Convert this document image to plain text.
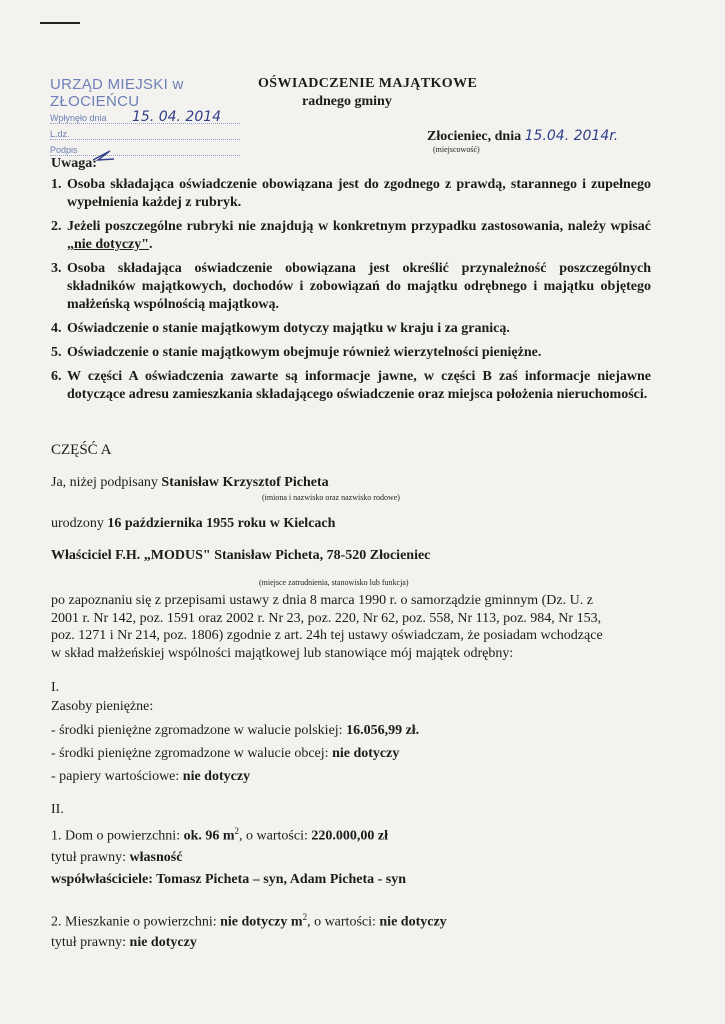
URZĄD MIEJSKI w ZŁOCIEŃCU
Wpłynęło dnia 15. 04. 2014
L.dz.
Podpis
OŚWIADCZENIE MAJĄTKOWE
radnego gminy
Złocieniec, dnia 15.04. 2014r.
(miejscowość)
Uwaga:
1. Osoba składająca oświadczenie obowiązana jest do zgodnego z prawdą, starannego i zupełnego wypełnienia każdej z rubryk.
2. Jeżeli poszczególne rubryki nie znajdują w konkretnym przypadku zastosowania, należy wpisać „nie dotyczy".
3. Osoba składająca oświadczenie obowiązana jest określić przynależność poszczególnych składników majątkowych, dochodów i zobowiązań do majątku odrębnego i majątku objętego małżeńską wspólnością majątkową.
4. Oświadczenie o stanie majątkowym dotyczy majątku w kraju i za granicą.
5. Oświadczenie o stanie majątkowym obejmuje również wierzytelności pieniężne.
6. W części A oświadczenia zawarte są informacje jawne, w części B zaś informacje niejawne dotyczące adresu zamieszkania składającego oświadczenie oraz miejsca położenia nieruchomości.
CZĘŚĆ A
Ja, niżej podpisany Stanisław Krzysztof Picheta
(imiona i nazwisko oraz nazwisko rodowe)
urodzony 16 października 1955 roku w Kielcach
Właściciel F.H. „MODUS" Stanisław Picheta, 78-520 Złocieniec
(miejsce zatrudnienia, stanowisko lub funkcja)
po zapoznaniu się z przepisami ustawy z dnia 8 marca 1990 r. o samorządzie gminnym (Dz. U. z
2001 r. Nr 142, poz. 1591 oraz 2002 r. Nr 23, poz. 220, Nr 62, poz. 558, Nr 113, poz. 984, Nr 153,
poz. 1271 i Nr 214, poz. 1806) zgodnie z art. 24h tej ustawy oświadczam, że posiadam wchodzące
w skład małżeńskiej wspólności majątkowej lub stanowiące mój majątek odrębny:
I.
Zasoby pieniężne:
- środki pieniężne zgromadzone w walucie polskiej: 16.056,99 zł.
- środki pieniężne zgromadzone w walucie obcej: nie dotyczy
- papiery wartościowe: nie dotyczy
II.
1. Dom o powierzchni: ok. 96 $m^2$, o wartości: 220.000,00 zł
tytuł prawny: własność
współwłaściciele: Tomasz Picheta – syn, Adam Picheta - syn
2. Mieszkanie o powierzchni: nie dotyczy $m^2$, o wartości: nie dotyczy
tytuł prawny: nie dotyczy
